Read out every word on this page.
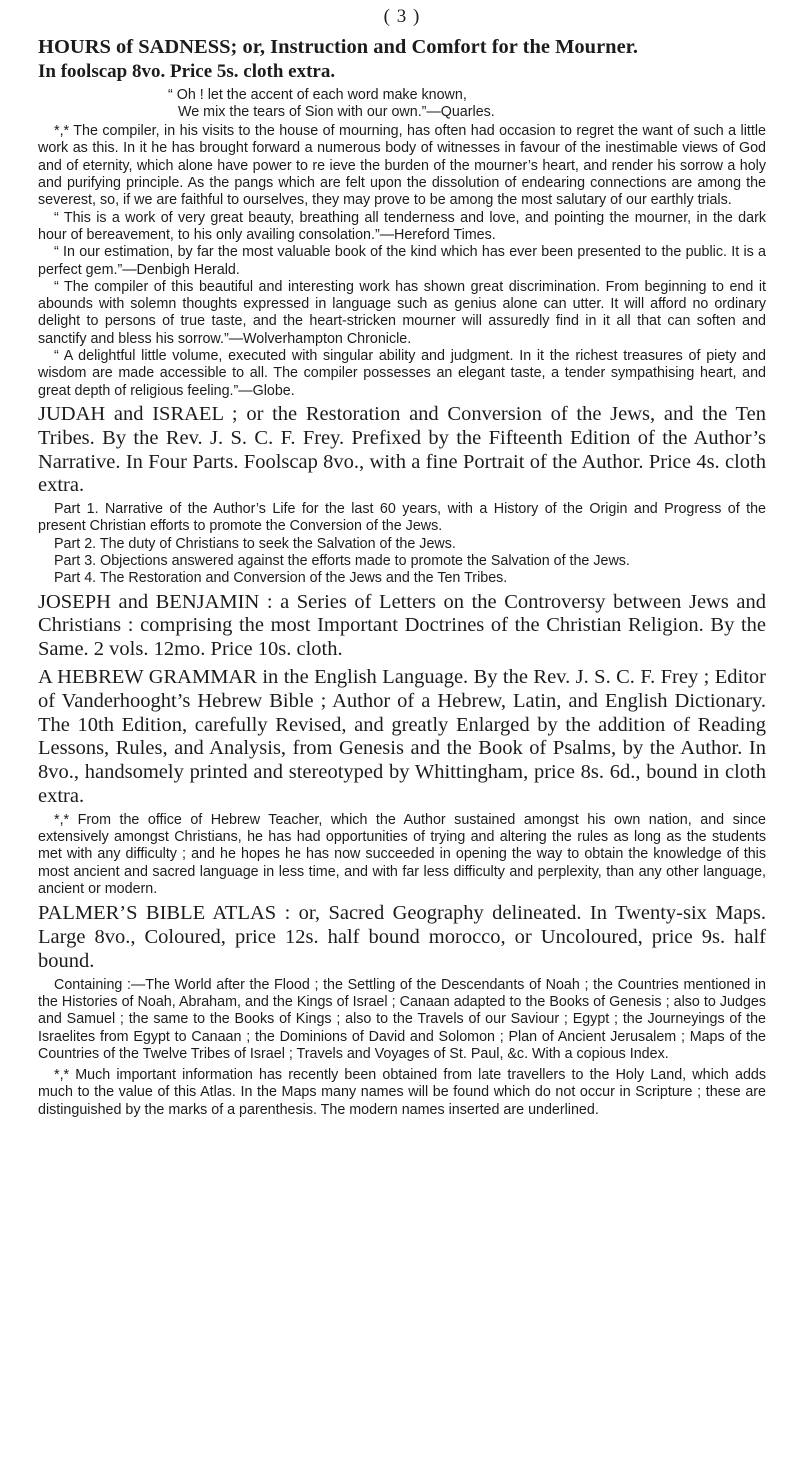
( 3 )

HOURS of SADNESS; or, Instruction and Comfort for the Mourner.

In foolscap 8vo. Price 5s. cloth extra.

“ Oh ! let the accent of each word make known,

We mix the tears of Sion with our own.”—Quarles.

*,* The compiler, in his visits to the house of mourning, has often had occasion to regret the want of such a little work as this. In it he has brought forward a numerous body of witnesses in favour of the inestimable views of God and of eternity, which alone have power to re ieve the burden of the mourner’s heart, and render his sorrow a holy and purifying principle. As the pangs which are felt upon the dissolution of endearing connections are among the severest, so, if we are faithful to ourselves, they may prove to be among the most salutary of our earthly trials.

“ This is a work of very great beauty, breathing all tenderness and love, and pointing the mourner, in the dark hour of bereavement, to his only availing consolation.”—Hereford Times.

“ In our estimation, by far the most valuable book of the kind which has ever been presented to the public. It is a perfect gem.”—Denbigh Herald.

“ The compiler of this beautiful and interesting work has shown great discrimination. From beginning to end it abounds with solemn thoughts expressed in language such as genius alone can utter. It will afford no ordinary delight to persons of true taste, and the heart-stricken mourner will assuredly find in it all that can soften and sanctify and bless his sorrow.”—Wolverhampton Chronicle.

“ A delightful little volume, executed with singular ability and judgment. In it the richest treasures of piety and wisdom are made accessible to all. The compiler possesses an elegant taste, a tender sympathising heart, and great depth of religious feeling.”—Globe.

JUDAH and ISRAEL ; or the Restoration and Conversion of the Jews, and the Ten Tribes. By the Rev. J. S. C. F. Frey. Prefixed by the Fifteenth Edition of the Author’s Narrative. In Four Parts. Foolscap 8vo., with a fine Portrait of the Author. Price 4s. cloth extra.

Part 1. Narrative of the Author’s Life for the last 60 years, with a History of the Origin and Progress of the present Christian efforts to promote the Conversion of the Jews.

Part 2. The duty of Christians to seek the Salvation of the Jews.

Part 3. Objections answered against the efforts made to promote the Salvation of the Jews.

Part 4. The Restoration and Conversion of the Jews and the Ten Tribes.

JOSEPH and BENJAMIN : a Series of Letters on the Controversy between Jews and Christians : comprising the most Important Doctrines of the Christian Religion. By the Same. 2 vols. 12mo. Price 10s. cloth.

A HEBREW GRAMMAR in the English Language. By the Rev. J. S. C. F. Frey ; Editor of Vanderhooght’s Hebrew Bible ; Author of a Hebrew, Latin, and English Dictionary. The 10th Edition, carefully Revised, and greatly Enlarged by the addition of Reading Lessons, Rules, and Analysis, from Genesis and the Book of Psalms, by the Author. In 8vo., handsomely printed and stereotyped by Whittingham, price 8s. 6d., bound in cloth extra.

*,* From the office of Hebrew Teacher, which the Author sustained amongst his own nation, and since extensively amongst Christians, he has had opportunities of trying and altering the rules as long as the students met with any difficulty ; and he hopes he has now succeeded in opening the way to obtain the knowledge of this most ancient and sacred language in less time, and with far less difficulty and perplexity, than any other language, ancient or modern.

PALMER’S BIBLE ATLAS : or, Sacred Geography delineated. In Twenty-six Maps. Large 8vo., Coloured, price 12s. half bound morocco, or Uncoloured, price 9s. half bound.

Containing :—The World after the Flood ; the Settling of the Descendants of Noah ; the Countries mentioned in the Histories of Noah, Abraham, and the Kings of Israel ; Canaan adapted to the Books of Genesis ; also to Judges and Samuel ; the same to the Books of Kings ; also to the Travels of our Saviour ; Egypt ; the Journeyings of the Israelites from Egypt to Canaan ; the Dominions of David and Solomon ; Plan of Ancient Jerusalem ; Maps of the Countries of the Twelve Tribes of Israel ; Travels and Voyages of St. Paul, &c. With a copious Index.

*,* Much important information has recently been obtained from late travellers to the Holy Land, which adds much to the value of this Atlas. In the Maps many names will be found which do not occur in Scripture ; these are distinguished by the marks of a parenthesis. The modern names inserted are underlined.
